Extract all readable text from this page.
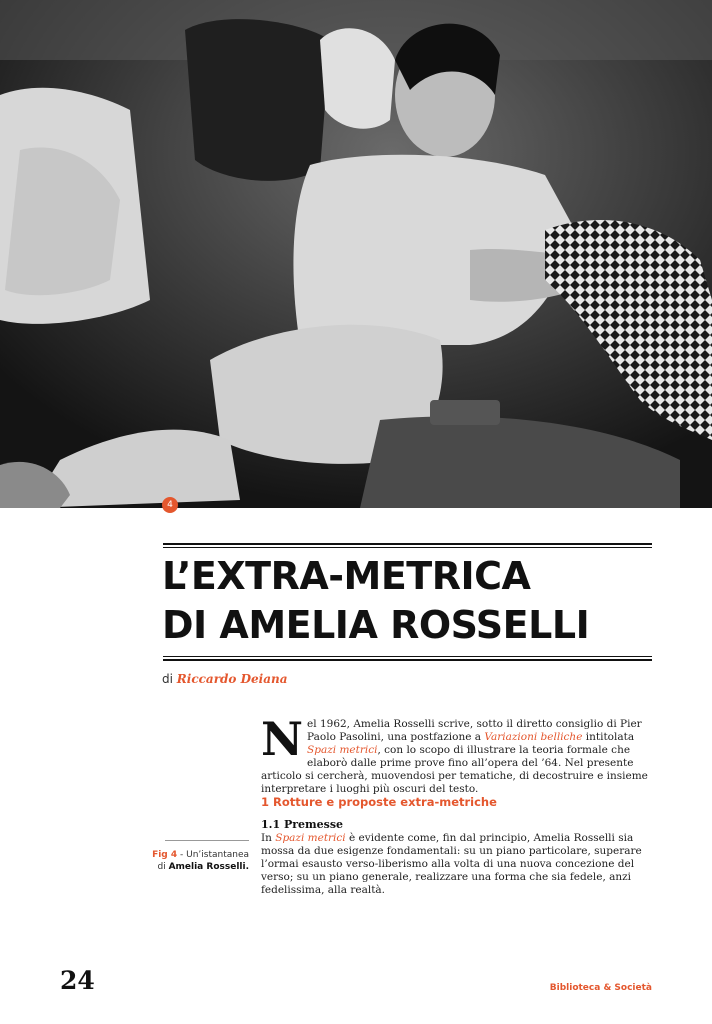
4
L’EXTRA-METRICA
DI AMELIA ROSSELLI
di Riccardo Deiana
Nel 1962, Amelia Rosselli scrive, sotto il diretto consiglio di Pier Paolo Pasolini, una postfazione a Variazioni belliche intitolata Spazi metrici, con lo scopo di illustrare la teoria formale che elaborò dalle prime prove fino all’opera del ’64. Nel presente articolo si cercherà, muovendosi per tematiche, di decostruire e insieme interpretare i luoghi più oscuri del testo.
1 Rotture e proposte extra-metriche
1.1 Premesse
In Spazi metrici è evidente come, fin dal principio, Amelia Rosselli sia mossa da due esigenze fondamentali: su un piano particolare, superare l’ormai esausto verso-liberismo alla volta di una nuova concezione del verso; su un piano generale, realizzare una forma che sia fedele, anzi fedelissima, alla realtà.
Fig 4 - Un’istantanea di Amelia Rosselli.
24	Biblioteca & Società
